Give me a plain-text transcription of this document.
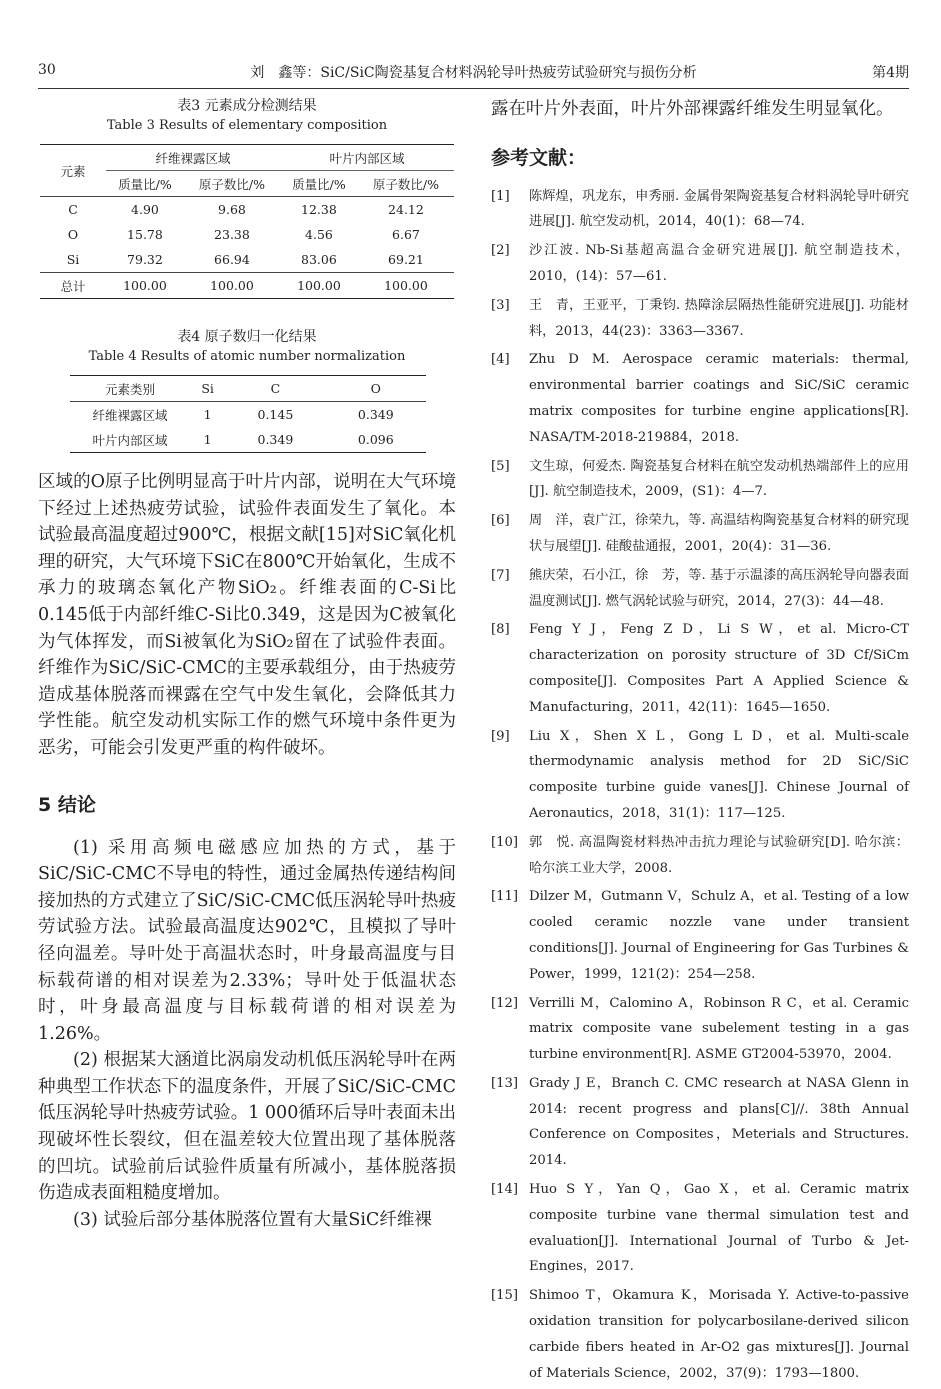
30	刘　鑫等：SiC/SiC陶瓷基复合材料涡轮导叶热疲劳试验研究与损伤分析	第4期
表3 元素成分检测结果
Table 3 Results of elementary composition
元素	纤维裸露区域		叶片内部区域	
	质量比/%	原子数比/%	质量比/%	原子数比/%
C	4.90	9.68	12.38	24.12
O	15.78	23.38	4.56	6.67
Si	79.32	66.94	83.06	69.21
总计	100.00	100.00	100.00	100.00
表4 原子数归一化结果
Table 4 Results of atomic number normalization
元素类别	Si	C	O
纤维裸露区域	1	0.145	0.349
叶片内部区域	1	0.349	0.096

区域的O原子比例明显高于叶片内部，说明在大气环境下经过上述热疲劳试验，试验件表面发生了氧化。本试验最高温度超过900℃，根据文献[15]对SiC氧化机理的研究，大气环境下SiC在800℃开始氧化，生成不承力的玻璃态氧化产物SiO₂。纤维表面的C-Si比0.145低于内部纤维C-Si比0.349，这是因为C被氧化为气体挥发，而Si被氧化为SiO₂留在了试验件表面。纤维作为SiC/SiC-CMC的主要承载组分，由于热疲劳造成基体脱落而裸露在空气中发生氧化，会降低其力学性能。航空发动机实际工作的燃气环境中条件更为恶劣，可能会引发更严重的构件破坏。

5 结论

(1) 采用高频电磁感应加热的方式，基于SiC/SiC-CMC不导电的特性，通过金属热传递结构间接加热的方式建立了SiC/SiC-CMC低压涡轮导叶热疲劳试验方法。试验最高温度达902℃，且模拟了导叶径向温差。导叶处于高温状态时，叶身最高温度与目标载荷谱的相对误差为2.33%；导叶处于低温状态时，叶身最高温度与目标载荷谱的相对误差为1.26%。

(2) 根据某大涵道比涡扇发动机低压涡轮导叶在两种典型工作状态下的温度条件，开展了SiC/SiC-CMC低压涡轮导叶热疲劳试验。1 000循环后导叶表面未出现破坏性长裂纹，但在温差较大位置出现了基体脱落的凹坑。试验前后试验件质量有所减小，基体脱落损伤造成表面粗糙度增加。

(3) 试验后部分基体脱落位置有大量SiC纤维裸

露在叶片外表面，叶片外部裸露纤维发生明显氧化。

参考文献：
[1]	陈辉煌，巩龙东，申秀丽. 金属骨架陶瓷基复合材料涡轮导叶研究进展[J]. 航空发动机，2014，40(1)：68—74.
[2]	沙江波. Nb-Si基超高温合金研究进展[J]. 航空制造技术，2010，(14)：57—61.
[3]	王　青，王亚平，丁秉钧. 热障涂层隔热性能研究进展[J]. 功能材料，2013，44(23)：3363—3367.
[4]	Zhu D M. Aerospace ceramic materials: thermal, environmental barrier coatings and SiC/SiC ceramic matrix composites for turbine engine applications[R]. NASA/TM-2018-219884，2018.
[5]	文生琼，何爱杰. 陶瓷基复合材料在航空发动机热端部件上的应用[J]. 航空制造技术，2009，(S1)：4—7.
[6]	周　洋，袁广江，徐荣九，等. 高温结构陶瓷基复合材料的研究现状与展望[J]. 硅酸盐通报，2001，20(4)：31—36.
[7]	熊庆荣，石小江，徐　芳，等. 基于示温漆的高压涡轮导向器表面温度测试[J]. 燃气涡轮试验与研究，2014，27(3)：44—48.
[8]	Feng Y J，Feng Z D，Li S W，et al. Micro-CT characterization on porosity structure of 3D Cf/SiCm composite[J]. Composites Part A Applied Science & Manufacturing，2011，42(11)：1645—1650.
[9]	Liu X，Shen X L，Gong L D，et al. Multi-scale thermodynamic analysis method for 2D SiC/SiC composite turbine guide vanes[J]. Chinese Journal of Aeronautics，2018，31(1)：117—125.
[10] 郭　悦. 高温陶瓷材料热冲击抗力理论与试验研究[D]. 哈尔滨：哈尔滨工业大学，2008.
[11] Dilzer M，Gutmann V，Schulz A，et al. Testing of a low cooled ceramic nozzle vane under transient conditions[J]. Journal of Engineering for Gas Turbines & Power，1999，121(2)：254—258.
[12] Verrilli M，Calomino A，Robinson R C，et al. Ceramic matrix composite vane subelement testing in a gas turbine environment[R]. ASME GT2004-53970，2004.
[13] Grady J E，Branch C. CMC research at NASA Glenn in 2014: recent progress and plans[C]//. 38th Annual Conference on Composites，Meterials and Structures. 2014.
[14] Huo S Y，Yan Q，Gao X，et al. Ceramic matrix composite turbine vane thermal simulation test and evaluation[J]. International Journal of Turbo & Jet-Engines，2017.
[15] Shimoo T，Okamura K，Morisada Y. Active-to-passive oxidation transition for polycarbosilane-derived silicon carbide fibers heated in Ar-O2 gas mixtures[J]. Journal of Materials Science，2002，37(9)：1793—1800.
